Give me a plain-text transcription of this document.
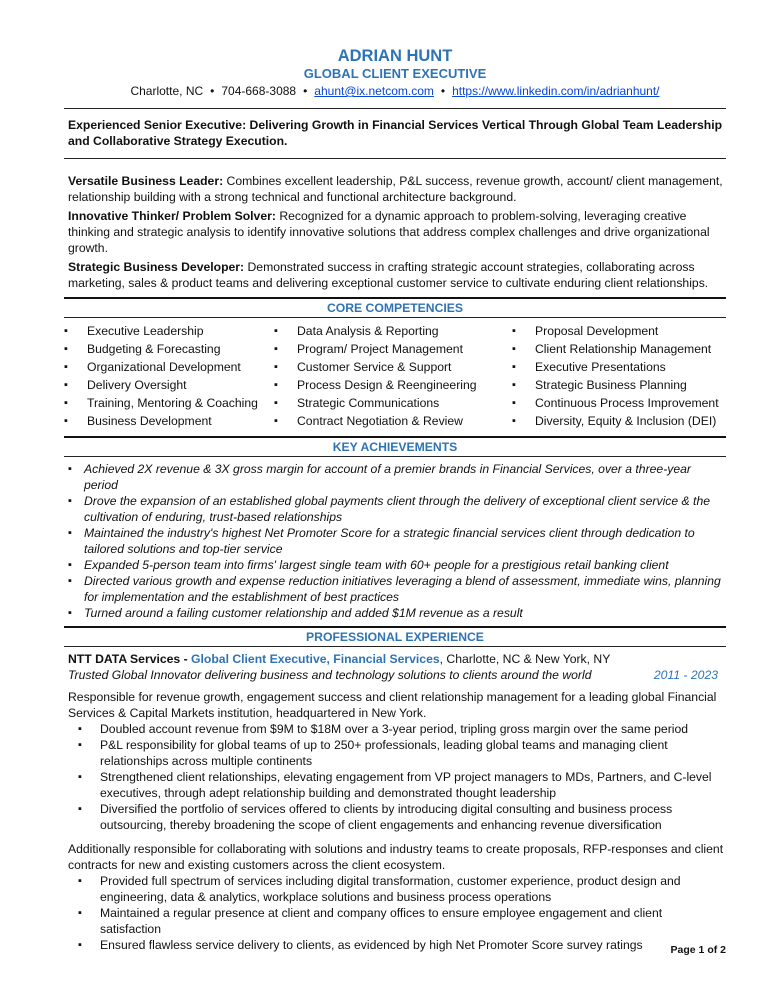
ADRIAN HUNT
GLOBAL CLIENT EXECUTIVE
Charlotte, NC • 704-668-3088 • ahunt@ix.netcom.com • https://www.linkedin.com/in/adrianhunt/
Experienced Senior Executive: Delivering Growth in Financial Services Vertical Through Global Team Leadership and Collaborative Strategy Execution.

Versatile Business Leader: Combines excellent leadership, P&L success, revenue growth, account/ client management, relationship building with a strong technical and functional architecture background.

Innovative Thinker/ Problem Solver: Recognized for a dynamic approach to problem-solving, leveraging creative thinking and strategic analysis to identify innovative solutions that address complex challenges and drive organizational growth.

Strategic Business Developer: Demonstrated success in crafting strategic account strategies, collaborating across marketing, sales & product teams and delivering exceptional customer service to cultivate enduring client relationships.

CORE COMPETENCIES
▪ Executive Leadership
▪ Budgeting & Forecasting
▪ Organizational Development
▪ Delivery Oversight
▪ Training, Mentoring & Coaching
▪ Business Development
▪ Data Analysis & Reporting
▪ Program/ Project Management
▪ Customer Service & Support
▪ Process Design & Reengineering
▪ Strategic Communications
▪ Contract Negotiation & Review
▪ Proposal Development
▪ Client Relationship Management
▪ Executive Presentations
▪ Strategic Business Planning
▪ Continuous Process Improvement
▪ Diversity, Equity & Inclusion (DEI)
KEY ACHIEVEMENTS
▪ Achieved 2X revenue & 3X gross margin for account of a premier brands in Financial Services, over a three-year period
▪ Drove the expansion of an established global payments client through the delivery of exceptional client service & the cultivation of enduring, trust-based relationships
▪ Maintained the industry's highest Net Promoter Score for a strategic financial services client through dedication to tailored solutions and top-tier service
▪ Expanded 5-person team into firms' largest single team with 60+ people for a prestigious retail banking client
▪ Directed various growth and expense reduction initiatives leveraging a blend of assessment, immediate wins, planning for implementation and the establishment of best practices
▪ Turned around a failing customer relationship and added $1M revenue as a result
PROFESSIONAL EXPERIENCE
NTT DATA Services - Global Client Executive, Financial Services, Charlotte, NC & New York, NY
Trusted Global Innovator delivering business and technology solutions to clients around the world	2011 - 2023
Responsible for revenue growth, engagement success and client relationship management for a leading global Financial Services & Capital Markets institution, headquartered in New York.
▪ Doubled account revenue from $9M to $18M over a 3-year period, tripling gross margin over the same period
▪ P&L responsibility for global teams of up to 250+ professionals, leading global teams and managing client relationships across multiple continents
▪ Strengthened client relationships, elevating engagement from VP project managers to MDs, Partners, and C-level executives, through adept relationship building and demonstrated thought leadership
▪ Diversified the portfolio of services offered to clients by introducing digital consulting and business process outsourcing, thereby broadening the scope of client engagements and enhancing revenue diversification
Additionally responsible for collaborating with solutions and industry teams to create proposals, RFP-responses and client contracts for new and existing customers across the client ecosystem.
▪ Provided full spectrum of services including digital transformation, customer experience, product design and engineering, data & analytics, workplace solutions and business process operations
▪ Maintained a regular presence at client and company offices to ensure employee engagement and client satisfaction
▪ Ensured flawless service delivery to clients, as evidenced by high Net Promoter Score survey ratings	Page 1 of 2
